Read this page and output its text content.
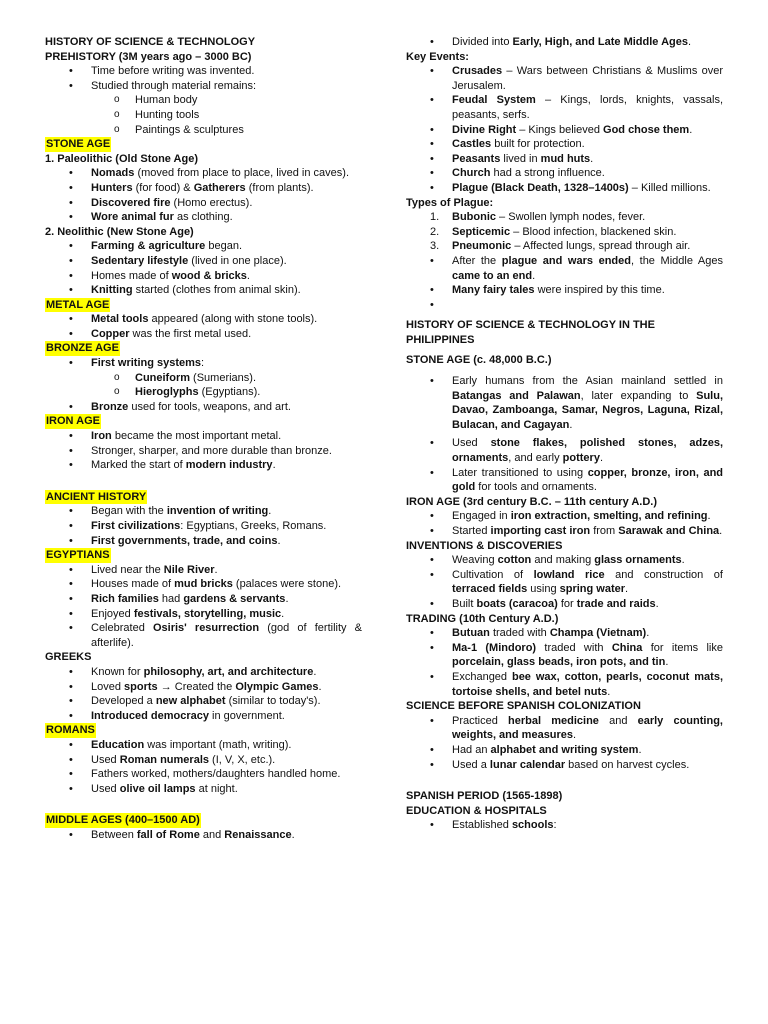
HISTORY OF SCIENCE & TECHNOLOGY

PREHISTORY (3M years ago – 3000 BC)

• Time before writing was invented.
• Studied through material remains:
o Human body
o Hunting tools
o Paintings & sculptures

STONE AGE

1. Paleolithic (Old Stone Age)

• Nomads (moved from place to place, lived in caves).
• Hunters (for food) & Gatherers (from plants).
• Discovered fire (Homo erectus).
• Wore animal fur as clothing.

2. Neolithic (New Stone Age)

• Farming & agriculture began.
• Sedentary lifestyle (lived in one place).
• Homes made of wood & bricks.
• Knitting started (clothes from animal skin).

METAL AGE

• Metal tools appeared (along with stone tools).
• Copper was the first metal used.

BRONZE AGE

• First writing systems:
o Cuneiform (Sumerians).
o Hieroglyphs (Egyptians).
• Bronze used for tools, weapons, and art.

IRON AGE

• Iron became the most important metal.
• Stronger, sharper, and more durable than bronze.
• Marked the start of modern industry.

ANCIENT HISTORY

• Began with the invention of writing.
• First civilizations: Egyptians, Greeks, Romans.
• First governments, trade, and coins.

EGYPTIANS

• Lived near the Nile River.
• Houses made of mud bricks (palaces were stone).
• Rich families had gardens & servants.
• Enjoyed festivals, storytelling, music.
• Celebrated Osiris' resurrection (god of fertility & afterlife).

GREEKS

• Known for philosophy, art, and architecture.
• Loved sports → Created the Olympic Games.
• Developed a new alphabet (similar to today's).
• Introduced democracy in government.

ROMANS

• Education was important (math, writing).
• Used Roman numerals (I, V, X, etc.).
• Fathers worked, mothers/daughters handled home.
• Used olive oil lamps at night.

MIDDLE AGES (400–1500 AD)

• Between fall of Rome and Renaissance.
• Divided into Early, High, and Late Middle Ages.

Key Events:

• Crusades – Wars between Christians & Muslims over Jerusalem.
• Feudal System – Kings, lords, knights, vassals, peasants, serfs.
• Divine Right – Kings believed God chose them.
• Castles built for protection.
• Peasants lived in mud huts.
• Church had a strong influence.
• Plague (Black Death, 1328–1400s) – Killed millions.

Types of Plague:

1. Bubonic – Swollen lymph nodes, fever.
2. Septicemic – Blood infection, blackened skin.
3. Pneumonic – Affected lungs, spread through air.
• After the plague and wars ended, the Middle Ages came to an end.
• Many fairy tales were inspired by this time.
•

HISTORY OF SCIENCE & TECHNOLOGY IN THE PHILIPPINES

STONE AGE (c. 48,000 B.C.)

• Early humans from the Asian mainland settled in Batangas and Palawan, later expanding to Sulu, Davao, Zamboanga, Samar, Negros, Laguna, Rizal, Bulacan, and Cagayan.
• Used stone flakes, polished stones, adzes, ornaments, and early pottery.
• Later transitioned to using copper, bronze, iron, and gold for tools and ornaments.

IRON AGE (3rd century B.C. – 11th century A.D.)

• Engaged in iron extraction, smelting, and refining.
• Started importing cast iron from Sarawak and China.

INVENTIONS & DISCOVERIES

• Weaving cotton and making glass ornaments.
• Cultivation of lowland rice and construction of terraced fields using spring water.
• Built boats (caracoa) for trade and raids.

TRADING (10th Century A.D.)

• Butuan traded with Champa (Vietnam).
• Ma-1 (Mindoro) traded with China for items like porcelain, glass beads, iron pots, and tin.
• Exchanged bee wax, cotton, pearls, coconut mats, tortoise shells, and betel nuts.

SCIENCE BEFORE SPANISH COLONIZATION

• Practiced herbal medicine and early counting, weights, and measures.
• Had an alphabet and writing system.
• Used a lunar calendar based on harvest cycles.

SPANISH PERIOD (1565-1898)

EDUCATION & HOSPITALS

• Established schools:
